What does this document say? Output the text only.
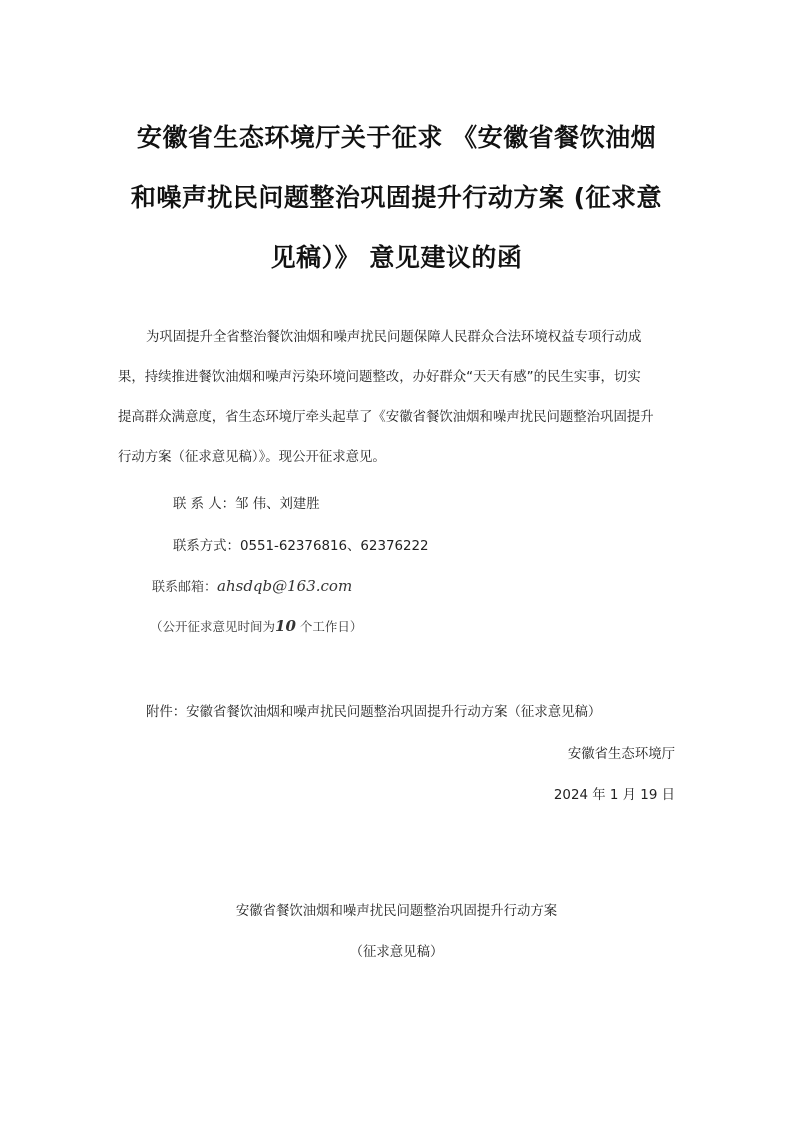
安徽省生态环境厅关于征求 《安徽省餐饮油烟
和噪声扰民问题整治巩固提升行动方案 (征求意
见稿）》 意见建议的函
为巩固提升全省整治餐饮油烟和噪声扰民问题保障人民群众合法环境权益专项行动成
果，持续推进餐饮油烟和噪声污染环境问题整改，办好群众“天天有感”的民生实事，切实
提高群众满意度，省生态环境厅牵头起草了《安徽省餐饮油烟和噪声扰民问题整治巩固提升
行动方案（征求意见稿）》。现公开征求意见。
联 系 人：邹 伟、刘建胜
联系方式：0551-62376816、62376222
联系邮箱：ahsdqb@163.com
（公开征求意见时间为10 个工作日）
附件：安徽省餐饮油烟和噪声扰民问题整治巩固提升行动方案（征求意见稿）
安徽省生态环境厅
2024 年 1 月 19 日
安徽省餐饮油烟和噪声扰民问题整治巩固提升行动方案
（征求意见稿）
